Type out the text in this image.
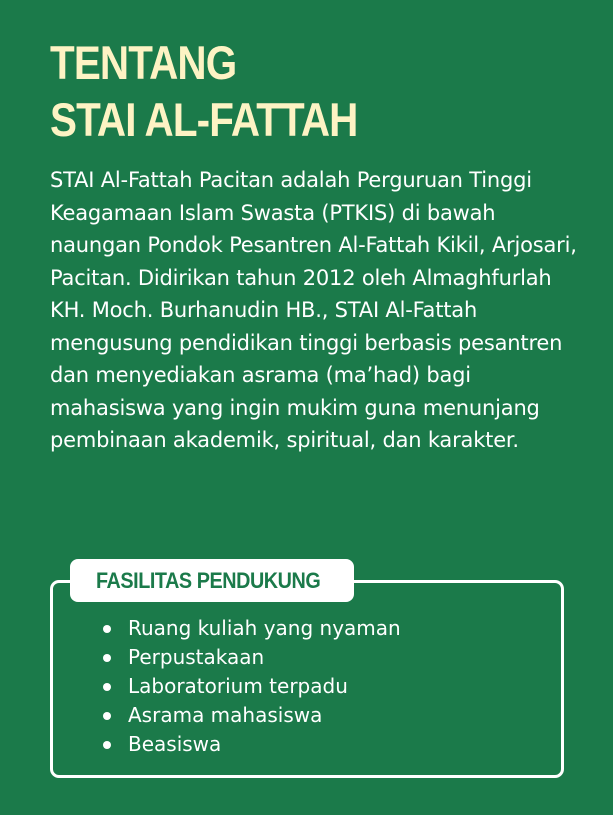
TENTANG
STAI AL-FATTAH

STAI Al-Fattah Pacitan adalah Perguruan Tinggi Keagamaan Islam Swasta (PTKIS) di bawah naungan Pondok Pesantren Al-Fattah Kikil, Arjosari, Pacitan. Didirikan tahun 2012 oleh Almaghfurlah KH. Moch. Burhanudin HB., STAI Al-Fattah mengusung pendidikan tinggi berbasis pesantren dan menyediakan asrama (ma’had) bagi mahasiswa yang ingin mukim guna menunjang pembinaan akademik, spiritual, dan karakter.

FASILITAS PENDUKUNG
Ruang kuliah yang nyaman
Perpustakaan
Laboratorium terpadu
Asrama mahasiswa
Beasiswa
